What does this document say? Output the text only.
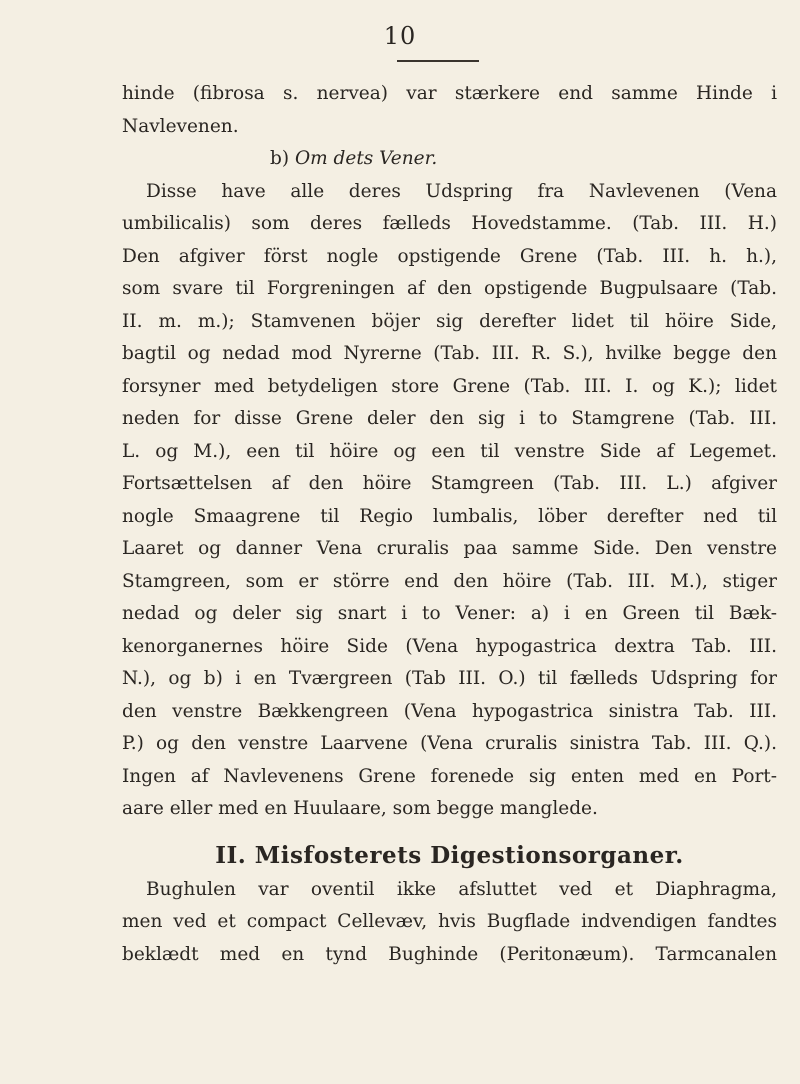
10
hinde (fibrosa s. nervea) var stærkere end samme Hinde i
Navlevenen.
b) Om dets Vener.
Disse have alle deres Udspring fra Navlevenen (Vena
umbilicalis) som deres fælleds Hovedstamme. (Tab. III. H.)
Den afgiver först nogle opstigende Grene (Tab. III. h. h.),
som svare til Forgreningen af den opstigende Bugpulsaare (Tab.
II. m. m.); Stamvenen böjer sig derefter lidet til höire Side,
bagtil og nedad mod Nyrerne (Tab. III. R. S.), hvilke begge den
forsyner med betydeligen store Grene (Tab. III. I. og K.); lidet
neden for disse Grene deler den sig i to Stamgrene (Tab. III.
L. og M.), een til höire og een til venstre Side af Legemet.
Fortsættelsen af den höire Stamgreen (Tab. III. L.) afgiver
nogle Smaagrene til Regio lumbalis, löber derefter ned til
Laaret og danner Vena cruralis paa samme Side. Den venstre
Stamgreen, som er större end den höire (Tab. III. M.), stiger
nedad og deler sig snart i to Vener: a) i en Green til Bæk-
kenorganernes höire Side (Vena hypogastrica dextra Tab. III.
N.), og b) i en Tværgreen (Tab III. O.) til fælleds Udspring for
den venstre Bækkengreen (Vena hypogastrica sinistra Tab. III.
P.) og den venstre Laarvene (Vena cruralis sinistra Tab. III. Q.).
Ingen af Navlevenens Grene forenede sig enten med en Port-
aare eller med en Huulaare, som begge manglede.
II. Misfosterets Digestionsorganer.
Bughulen var oventil ikke afsluttet ved et Diaphragma,
men ved et compact Cellevæv, hvis Bugflade indvendigen fandtes
beklædt med en tynd Bughinde (Peritonæum). Tarmcanalen
